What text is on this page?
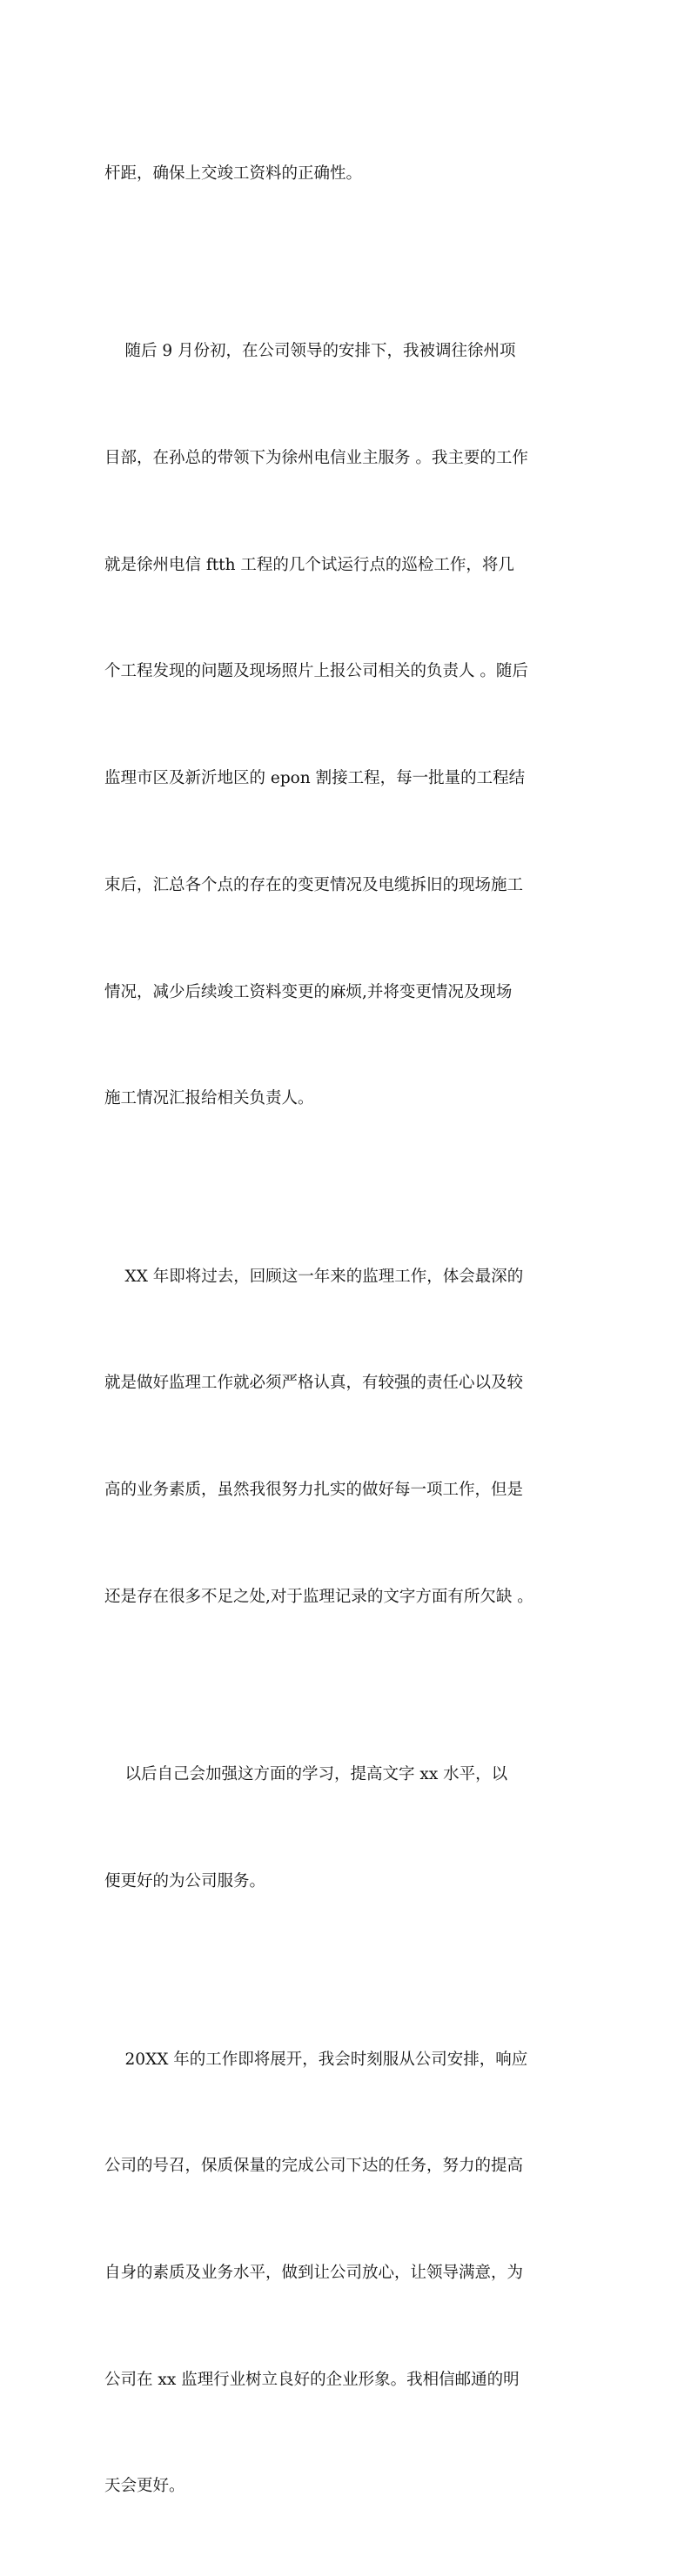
杆距，确保上交竣工资料的正确性。

随后 9 月份初，在公司领导的安排下，我被调往徐州项

目部，在孙总的带领下为徐州电信业主服务 。我主要的工作

就是徐州电信 ftth 工程的几个试运行点的巡检工作，将几

个工程发现的问题及现场照片上报公司相关的负责人 。随后

监理市区及新沂地区的 epon 割接工程，每一批量的工程结

束后，汇总各个点的存在的变更情况及电缆拆旧的现场施工

情况，减少后续竣工资料变更的麻烦,并将变更情况及现场

施工情况汇报给相关负责人。

XX 年即将过去，回顾这一年来的监理工作，体会最深的

就是做好监理工作就必须严格认真，有较强的责任心以及较

高的业务素质，虽然我很努力扎实的做好每一项工作，但是

还是存在很多不足之处,对于监理记录的文字方面有所欠缺 。

以后自己会加强这方面的学习，提高文字 xx 水平，以

便更好的为公司服务。

20XX 年的工作即将展开，我会时刻服从公司安排，响应

公司的号召，保质保量的完成公司下达的任务，努力的提高

自身的素质及业务水平，做到让公司放心，让领导满意，为

公司在 xx 监理行业树立良好的企业形象。我相信邮通的明

天会更好。
